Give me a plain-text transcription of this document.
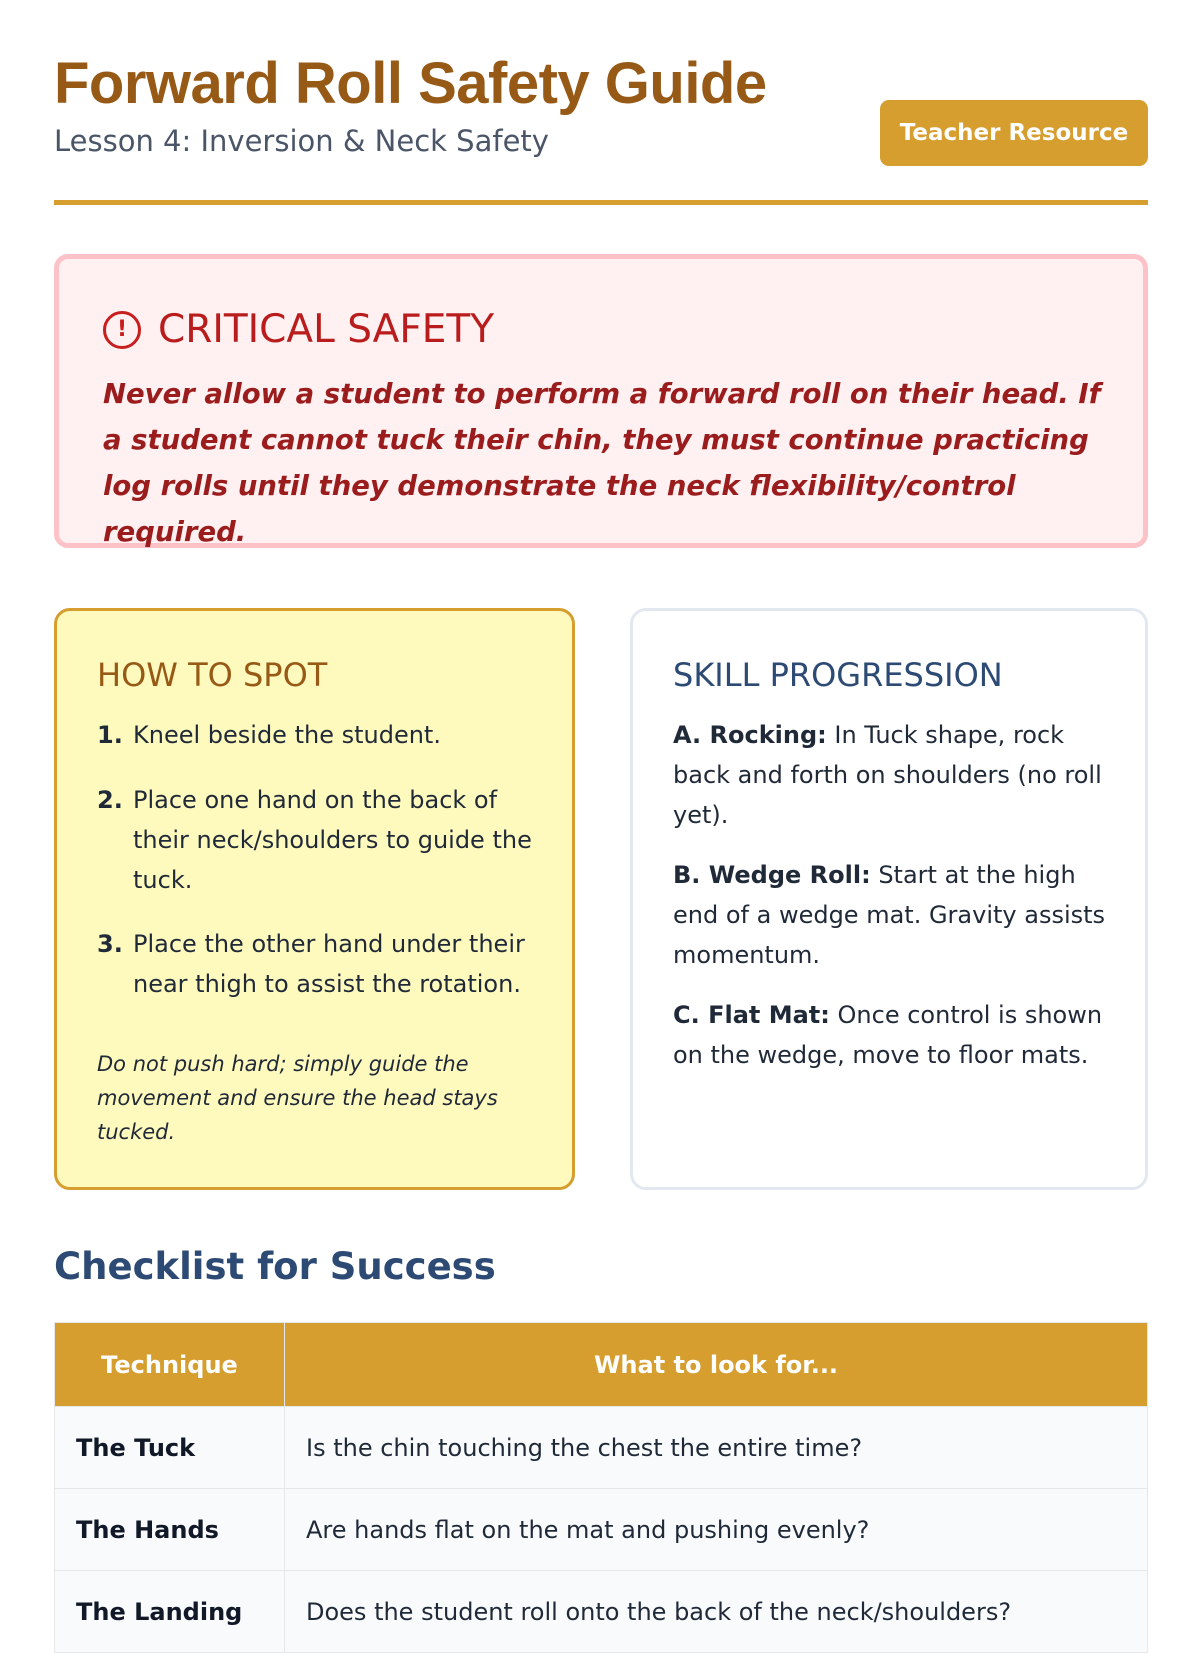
Forward Roll Safety Guide
Lesson 4: Inversion & Neck Safety	Teacher Resource
! CRITICAL SAFETY

Never allow a student to perform a forward roll on their head. If a student cannot tuck their chin, they must continue practicing log rolls until they demonstrate the neck flexibility/control required.

HOW TO SPOT
1. Kneel beside the student.
2. Place one hand on the back of their neck/shoulders to guide the tuck.
3. Place the other hand under their near thigh to assist the rotation.

Do not push hard; simply guide the movement and ensure the head stays tucked.

SKILL PROGRESSION

A. Rocking: In Tuck shape, rock back and forth on shoulders (no roll yet).

B. Wedge Roll: Start at the high end of a wedge mat. Gravity assists momentum.

C. Flat Mat: Once control is shown on the wedge, move to floor mats.

Checklist for Success
Technique	What to look for...
The Tuck	Is the chin touching the chest the entire time?
The Hands	Are hands flat on the mat and pushing evenly?
The Landing	Does the student roll onto the back of the neck/shoulders?
